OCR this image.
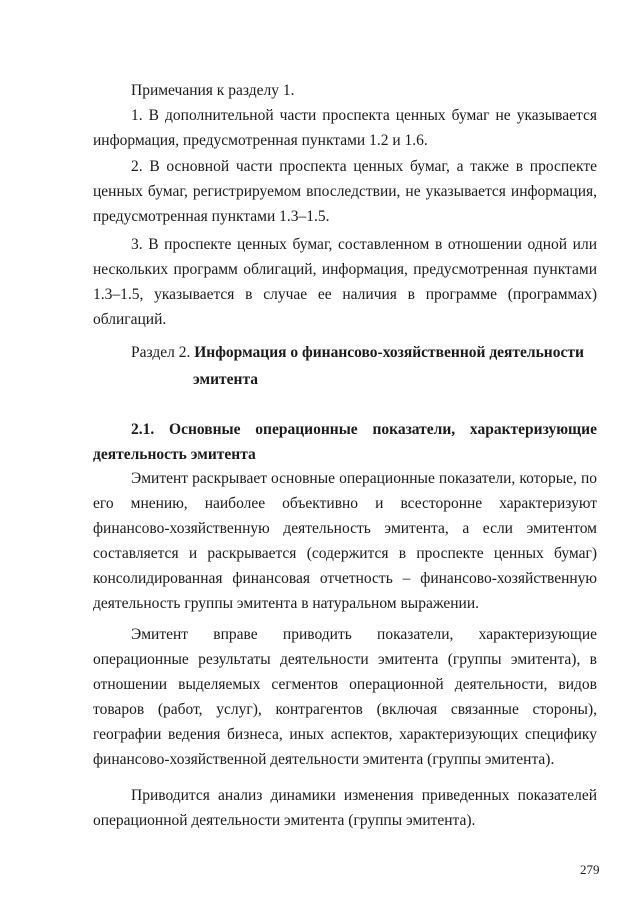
Примечания к разделу 1.

1. В дополнительной части проспекта ценных бумаг не указывается информация, предусмотренная пунктами 1.2 и 1.6.

2. В основной части проспекта ценных бумаг, а также в проспекте ценных бумаг, регистрируемом впоследствии, не указывается информация, предусмотренная пунктами 1.3–1.5.

3. В проспекте ценных бумаг, составленном в отношении одной или нескольких программ облигаций, информация, предусмотренная пунктами 1.3–1.5, указывается в случае ее наличия в программе (программах) облигаций.

Раздел 2. Информация о финансово-хозяйственной деятельности
эмитента
2.1. Основные операционные показатели, характеризующие
деятельность эмитента

Эмитент раскрывает основные операционные показатели, которые, по его мнению, наиболее объективно и всесторонне характеризуют финансово-хозяйственную деятельность эмитента, а если эмитентом составляется и раскрывается (содержится в проспекте ценных бумаг) консолидированная финансовая отчетность – финансово-хозяйственную деятельность группы эмитента в натуральном выражении.

Эмитент вправе приводить показатели, характеризующие операционные результаты деятельности эмитента (группы эмитента), в отношении выделяемых сегментов операционной деятельности, видов товаров (работ, услуг), контрагентов (включая связанные стороны), географии ведения бизнеса, иных аспектов, характеризующих специфику финансово-хозяйственной деятельности эмитента (группы эмитента).

Приводится анализ динамики изменения приведенных показателей операционной деятельности эмитента (группы эмитента).

279
